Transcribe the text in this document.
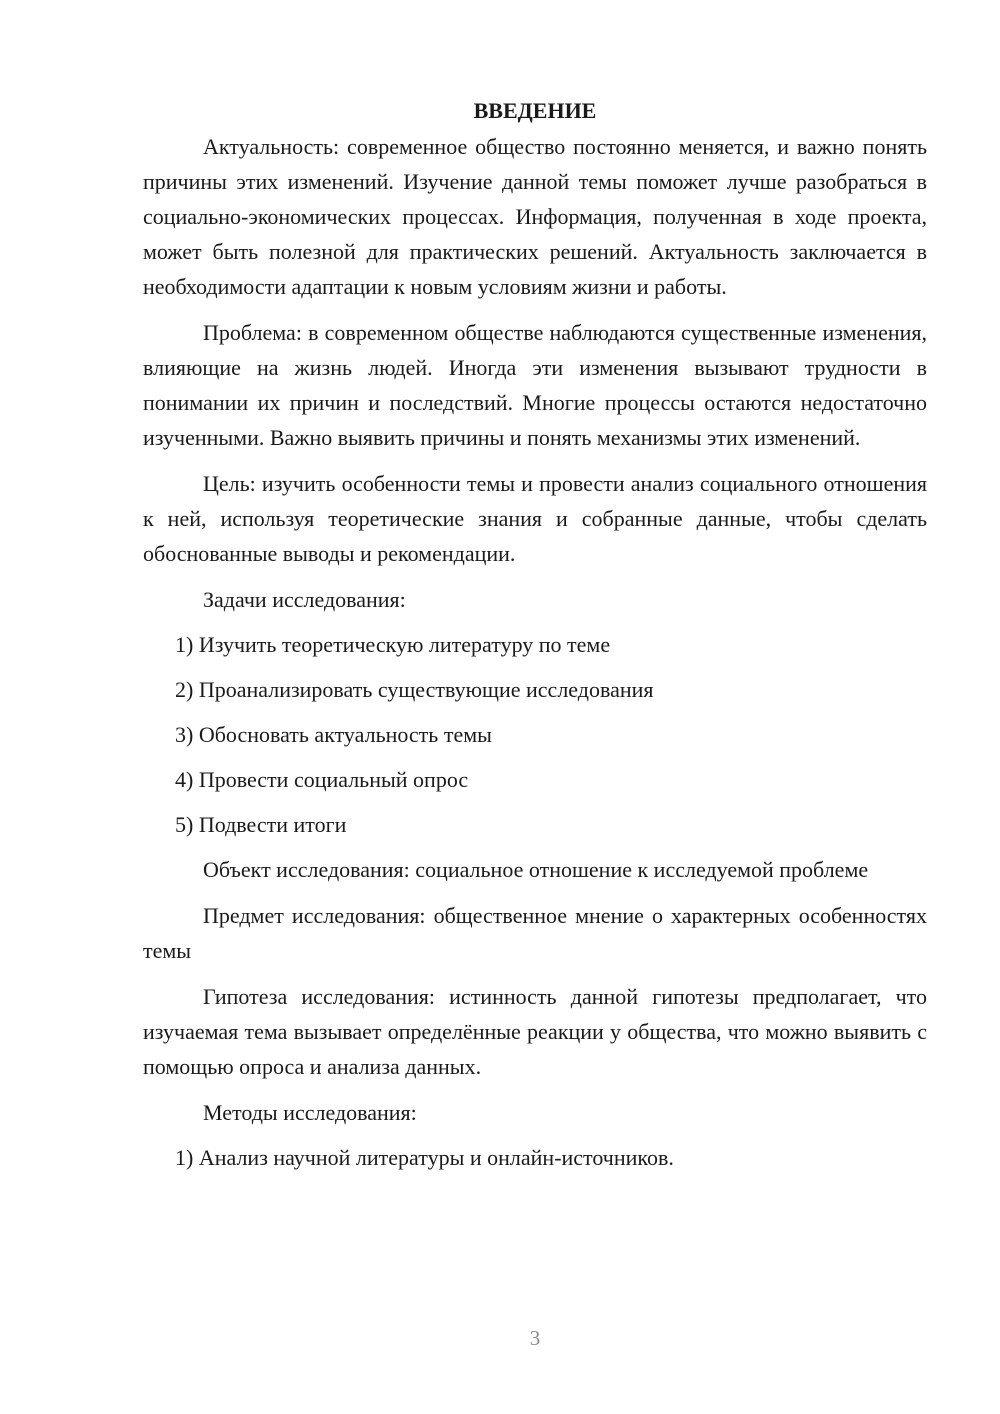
ВВЕДЕНИЕ

Актуальность: современное общество постоянно меняется, и важно понять причины этих изменений. Изучение данной темы поможет лучше разобраться в социально-экономических процессах. Информация, полученная в ходе проекта, может быть полезной для практических решений. Актуальность заключается в необходимости адаптации к новым условиям жизни и работы.

Проблема: в современном обществе наблюдаются существенные изменения, влияющие на жизнь людей. Иногда эти изменения вызывают трудности в понимании их причин и последствий. Многие процессы остаются недостаточно изученными. Важно выявить причины и понять механизмы этих изменений.

Цель: изучить особенности темы и провести анализ социального отношения к ней, используя теоретические знания и собранные данные, чтобы сделать обоснованные выводы и рекомендации.

Задачи исследования:

1) Изучить теоретическую литературу по теме

2) Проанализировать существующие исследования

3) Обосновать актуальность темы

4) Провести социальный опрос

5) Подвести итоги

Объект исследования: социальное отношение к исследуемой проблеме

Предмет исследования: общественное мнение о характерных особенностях темы

Гипотеза исследования: истинность данной гипотезы предполагает, что изучаемая тема вызывает определённые реакции у общества, что можно выявить с помощью опроса и анализа данных.

Методы исследования:

1) Анализ научной литературы и онлайн-источников.

3
